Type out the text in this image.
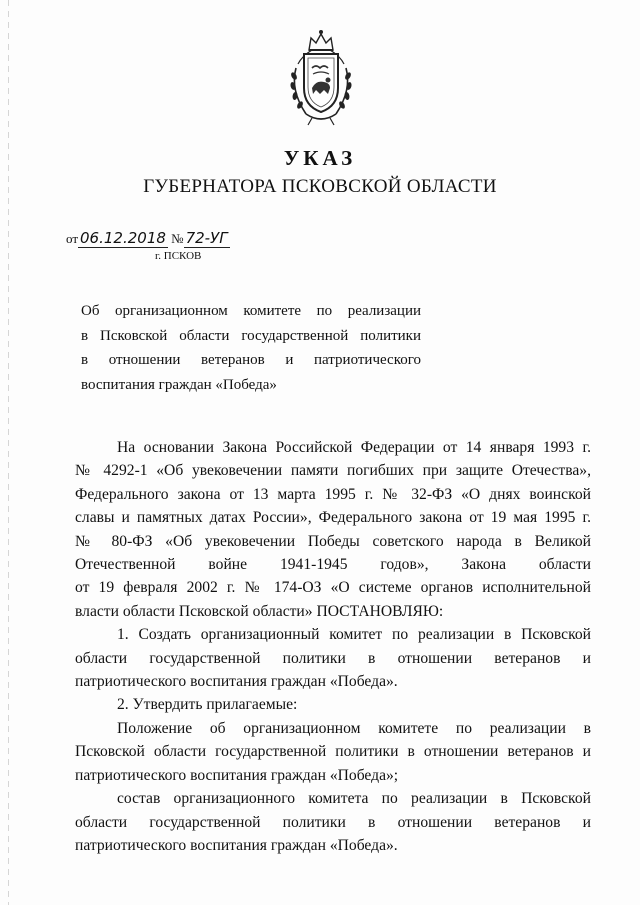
УКАЗ
ГУБЕРНАТОРА ПСКОВСКОЙ ОБЛАСТИ
от 06.12.2018 № 72-УГ
г. ПСКОВ
Об организационном комитете по реализации
в Псковской области государственной политики
в отношении ветеранов и патриотического
воспитания граждан «Победа»
На основании Закона Российской Федерации от 14 января 1993 г.
№ 4292-1 «Об увековечении памяти погибших при защите Отечества»,
Федерального закона от 13 марта 1995 г. № 32-ФЗ «О днях воинской
славы и памятных датах России», Федерального закона от 19 мая 1995 г.
№ 80-ФЗ «Об увековечении Победы советского народа в Великой
Отечественной войне 1941-1945 годов», Закона области
от 19 февраля 2002 г. № 174-ОЗ «О системе органов исполнительной
власти области Псковской области» ПОСТАНОВЛЯЮ:
1. Создать организационный комитет по реализации в Псковской
области государственной политики в отношении ветеранов и
патриотического воспитания граждан «Победа».
2. Утвердить прилагаемые:
Положение об организационном комитете по реализации в
Псковской области государственной политики в отношении ветеранов и
патриотического воспитания граждан «Победа»;
состав организационного комитета по реализации в Псковской
области государственной политики в отношении ветеранов и
патриотического воспитания граждан «Победа».
